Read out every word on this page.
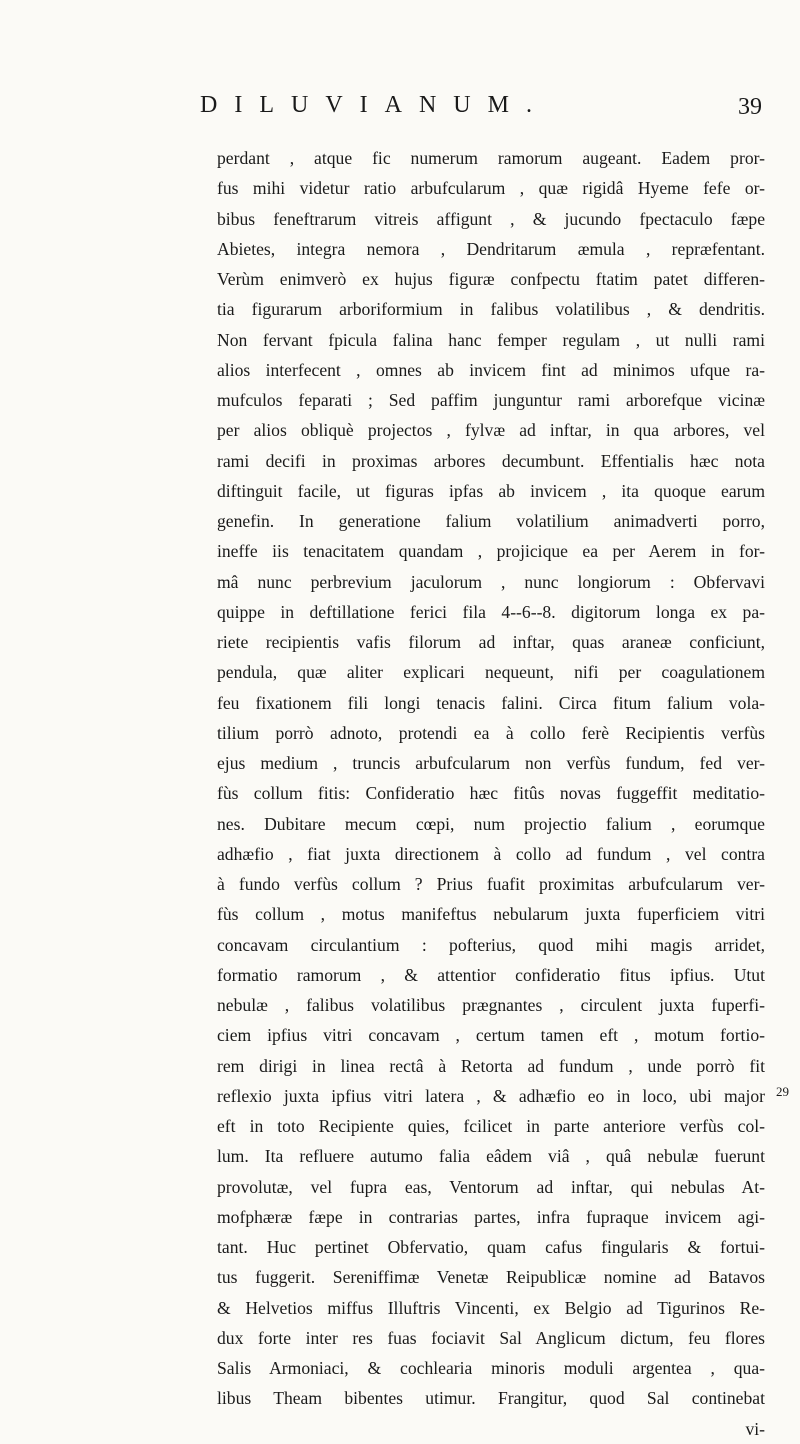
DILUVIANUM.	39
perdant , atque fic numerum ramorum augeant. Eadem pror-
fus mihi videtur ratio arbufcularum , quæ rigidâ Hyeme fefe or-
bibus feneftrarum vitreis affigunt , & jucundo fpectaculo fæpe
Abietes, integra nemora , Dendritarum æmula , repræfentant.
Verùm enimverò ex hujus figuræ confpectu ftatim patet differen-
tia figurarum arboriformium in falibus volatilibus , & dendritis.
Non fervant fpicula falina hanc femper regulam , ut nulli rami
alios interfecent , omnes ab invicem fint ad minimos ufque ra-
mufculos feparati ; Sed paffim junguntur rami arborefque vicinæ
per alios obliquè projectos , fylvæ ad inftar, in qua arbores, vel
rami decifi in proximas arbores decumbunt. Effentialis hæc nota
diftinguit facile, ut figuras ipfas ab invicem , ita quoque earum
genefin. In generatione falium volatilium animadverti porro,
ineffe iis tenacitatem quandam , projicique ea per Aerem in for-
mâ nunc perbrevium jaculorum , nunc longiorum : Obfervavi
quippe in deftillatione ferici fila 4--6--8. digitorum longa ex pa-
riete recipientis vafis filorum ad inftar, quas araneæ conficiunt,
pendula, quæ aliter explicari nequeunt, nifi per coagulationem
feu fixationem fili longi tenacis falini. Circa fitum falium vola-
tilium porrò adnoto, protendi ea à collo ferè Recipientis verfùs
ejus medium , truncis arbufcularum non verfùs fundum, fed ver-
fùs collum fitis: Confideratio hæc fitûs novas fuggeffit meditatio-
nes. Dubitare mecum cœpi, num projectio falium , eorumque
adhæfio , fiat juxta directionem à collo ad fundum , vel contra
à fundo verfùs collum ? Prius fuafit proximitas arbufcularum ver-
fùs collum , motus manifeftus nebularum juxta fuperficiem vitri
concavam circulantium : pofterius, quod mihi magis arridet,
formatio ramorum , & attentior confideratio fitus ipfius. Utut
nebulæ , falibus volatilibus prægnantes , circulent juxta fuperfi-
ciem ipfius vitri concavam , certum tamen eft , motum fortio-
rem dirigi in linea rectâ à Retorta ad fundum , unde porrò fit
reflexio juxta ipfius vitri latera , & adhæfio eo in loco, ubi major
eft in toto Recipiente quies, fcilicet in parte anteriore verfùs col-
lum. Ita refluere autumo falia eâdem viâ , quâ nebulæ fuerunt
provolutæ, vel fupra eas, Ventorum ad inftar, qui nebulas At-
mofphæræ fæpe in contrarias partes, infra fupraque invicem agi-
tant. Huc pertinet Obfervatio, quam cafus fingularis & fortui-
tus fuggerit. Sereniffimæ Venetæ Reipublicæ nomine ad Batavos
& Helvetios miffus Illuftris Vincenti, ex Belgio ad Tigurinos Re-
dux forte inter res fuas fociavit Sal Anglicum dictum, feu flores
Salis Armoniaci, & cochlearia minoris moduli argentea , qua-
libus Theam bibentes utimur. Frangitur, quod Sal continebat
vi-
29
